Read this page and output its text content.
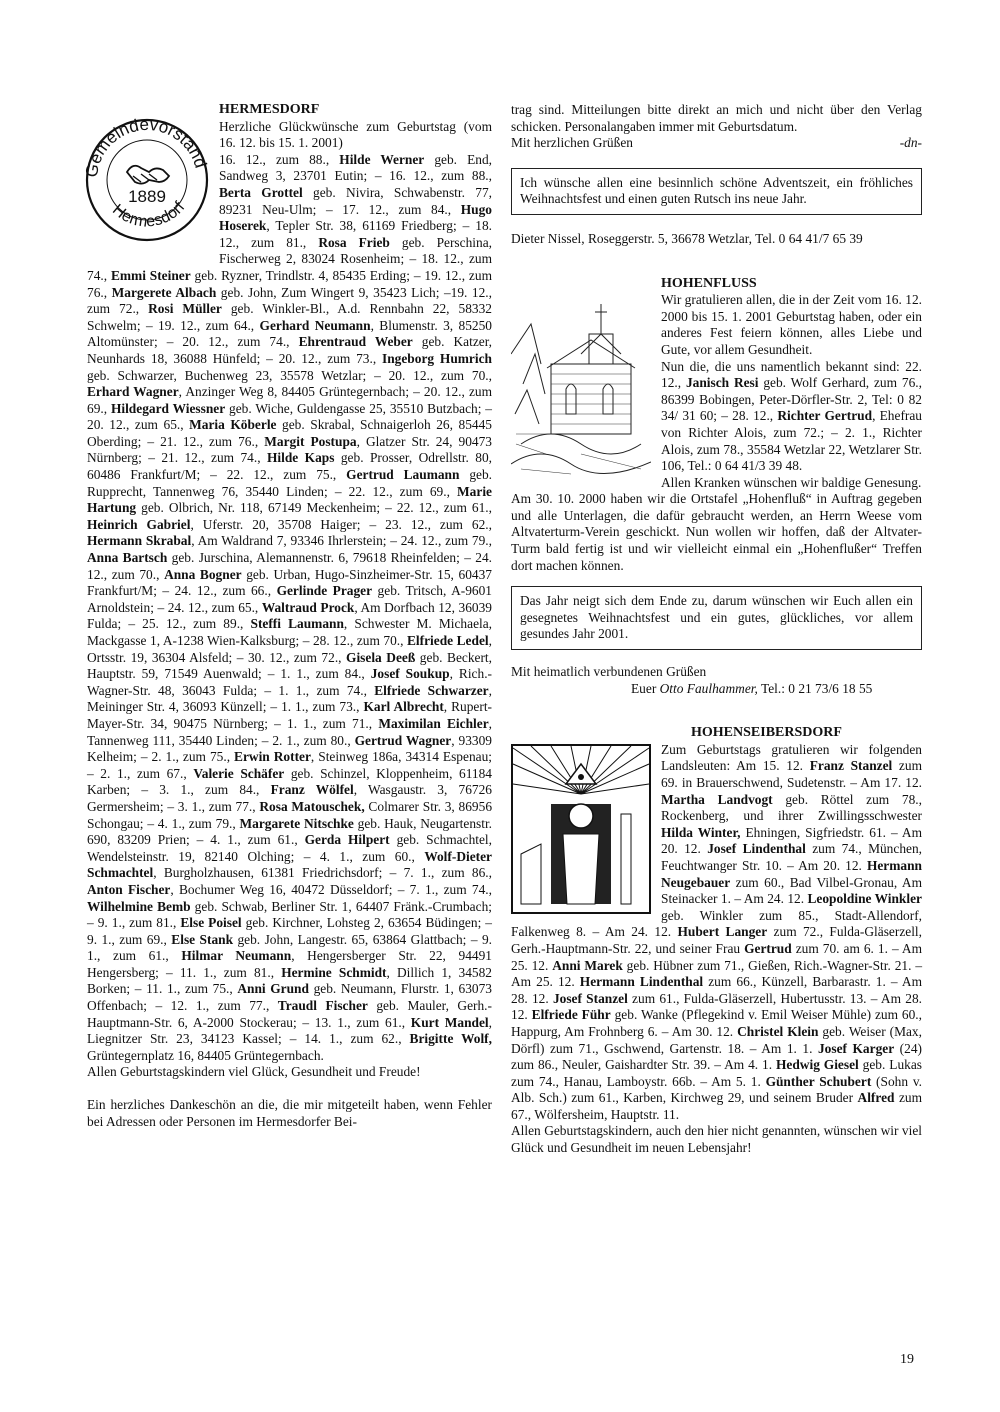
Gemeindevorstand
Hermesdorf
1889
HERMESDORF
Herzliche Glückwünsche zum Geburtstag (vom 16. 12. bis 15. 1. 2001)
16. 12., zum 88., Hilde Werner geb. End, Sandweg 3, 23701 Eutin; – 16. 12., zum 88., Berta Grottel geb. Nivira, Schwabenstr. 77, 89231 Neu-Ulm; – 17. 12., zum 84., Hugo Hoserek, Tepler Str. 38, 61169 Friedberg; – 18. 12., zum 81., Rosa Frieb geb. Perschina, Fischerweg 2, 83024 Rosenheim; – 18. 12., zum 74., Emmi Steiner geb. Ryzner, Trindlstr. 4, 85435 Erding; – 19. 12., zum 76., Margerete Albach geb. John, Zum Wingert 9, 35423 Lich; –19. 12., zum 72., Rosi Müller geb. Winkler-Bl., A.d. Rennbahn 22, 58332 Schwelm; – 19. 12., zum 64., Gerhard Neumann, Blumenstr. 3, 85250 Altomünster; – 20. 12., zum 74., Ehrentraud Weber geb. Katzer, Neunhards 18, 36088 Hünfeld; – 20. 12., zum 73., Ingeborg Humrich geb. Schwarzer, Buchenweg 23, 35578 Wetzlar; – 20. 12., zum 70., Erhard Wagner, Anzinger Weg 8, 84405 Grüntegernbach; – 20. 12., zum 69., Hildegard Wiessner geb. Wiche, Guldengasse 25, 35510 Butzbach; –20. 12., zum 65., Maria Köberle geb. Skrabal, Schnaigerloh 26, 85445 Oberding; – 21. 12., zum 76., Margit Postupa, Glatzer Str. 24, 90473 Nürnberg; – 21. 12., zum 74., Hilde Kaps geb. Prosser, Odrellstr. 80, 60486 Frankfurt/M; – 22. 12., zum 75., Gertrud Laumann geb. Rupprecht, Tannenweg 76, 35440 Linden; – 22. 12., zum 69., Marie Hartung geb. Olbrich, Nr. 118, 67149 Meckenheim; – 22. 12., zum 61., Heinrich Gabriel, Uferstr. 20, 35708 Haiger; – 23. 12., zum 62., Hermann Skrabal, Am Waldrand 7, 93346 Ihrlerstein; – 24. 12., zum 79., Anna Bartsch geb. Jurschina, Alemannenstr. 6, 79618 Rheinfelden; – 24. 12., zum 70., Anna Bogner geb. Urban, Hugo-Sinzheimer-Str. 15, 60437 Frankfurt/M; – 24. 12., zum 66., Gerlinde Prager geb. Tritsch, A-9601 Arnoldstein; – 24. 12., zum 65., Waltraud Prock, Am Dorfbach 12, 36039 Fulda; – 25. 12., zum 89., Steffi Laumann, Schwester M. Michaela, Mackgasse 1, A-1238 Wien-Kalksburg; – 28. 12., zum 70., Elfriede Ledel, Ortsstr. 19, 36304 Alsfeld; – 30. 12., zum 72., Gisela Deeß geb. Beckert, Hauptstr. 59, 71549 Auenwald; – 1. 1., zum 84., Josef Soukup, Rich.-Wagner-Str. 48, 36043 Fulda; – 1. 1., zum 74., Elfriede Schwarzer, Meininger Str. 4, 36093 Künzell; – 1. 1., zum 73., Karl Albrecht, Rupert-Mayer-Str. 34, 90475 Nürnberg; – 1. 1., zum 71., Maximilan Eichler, Tannenweg 111, 35440 Linden; – 2. 1., zum 80., Gertrud Wagner, 93309 Kelheim; – 2. 1., zum 75., Erwin Rotter, Steinweg 186a, 34314 Espenau; – 2. 1., zum 67., Valerie Schäfer geb. Schinzel, Kloppenheim, 61184 Karben; – 3. 1., zum 84., Franz Wölfel, Wasgaustr. 3, 76726 Germersheim; – 3. 1., zum 77., Rosa Matouschek, Colmarer Str. 3, 86956 Schongau; – 4. 1., zum 79., Margarete Nitschke geb. Hauk, Neugartenstr. 690, 83209 Prien; – 4. 1., zum 61., Gerda Hilpert geb. Schmachtel, Wendelsteinstr. 19, 82140 Olching; – 4. 1., zum 60., Wolf-Dieter Schmachtel, Burgholzhausen, 61381 Friedrichsdorf; – 7. 1., zum 86., Anton Fischer, Bochumer Weg 16, 40472 Düsseldorf; – 7. 1., zum 74., Wilhelmine Bemb geb. Schwab, Berliner Str. 1, 64407 Fränk.-Crumbach; – 9. 1., zum 81., Else Poisel geb. Kirchner, Lohsteg 2, 63654 Büdingen; – 9. 1., zum 69., Else Stank geb. John, Langestr. 65, 63864 Glattbach; – 9. 1., zum 61., Hilmar Neumann, Hengersberger Str. 22, 94491 Hengersberg; – 11. 1., zum 81., Hermine Schmidt, Dillich 1, 34582 Borken; – 11. 1., zum 75., Anni Grund geb. Neumann, Flurstr. 1, 63073 Offenbach; – 12. 1., zum 77., Traudl Fischer geb. Mauler, Gerh.-Hauptmann-Str. 6, A-2000 Stockerau; – 13. 1., zum 61., Kurt Mandel, Liegnitzer Str. 23, 34123 Kassel; – 14. 1., zum 62., Brigitte Wolf, Grüntegernplatz 16, 84405 Grüntegernbach.

Allen Geburtstagskindern viel Glück, Gesundheit und Freude!

Ein herzliches Dankeschön an die, die mir mitgeteilt haben, wenn Fehler bei Adressen oder Personen im Hermesdorfer Bei-

trag sind. Mitteilungen bitte direkt an mich und nicht über den Verlag schicken. Personalangaben immer mit Geburtsdatum.

Mit herzlichen Grüßen	-dn-

Ich wünsche allen eine besinnlich schöne Adventszeit, ein fröhliches Weihnachtsfest und einen guten Rutsch ins neue Jahr.

Dieter Nissel, Roseggerstr. 5, 36678 Wetzlar, Tel. 0 64 41/7 65 39

HOHENFLUSS

Wir gratulieren allen, die in der Zeit vom 16. 12. 2000 bis 15. 1. 2001 Geburtstag haben, oder ein anderes Fest feiern können, alles Liebe und Gute, vor allem Gesundheit.

Nun die, die uns namentlich bekannt sind: 22. 12., Janisch Resi geb. Wolf Gerhard, zum 76., 86399 Bobingen, Peter-Dörfler-Str. 2, Tel: 0 82 34/ 31 60; – 28. 12., Richter Gertrud, Ehefrau von Richter Alois, zum 72.; – 2. 1., Richter Alois, zum 78., 35584 Wetzlar 22, Wetzlarer Str. 106, Tel.: 0 64 41/3 39 48.

Allen Kranken wünschen wir baldige Genesung.

Am 30. 10. 2000 haben wir die Ortstafel „Hohenfluß“ in Auftrag gegeben und alle Unterlagen, die dafür gebraucht werden, an Herrn Weese vom Altvaterturm-Verein geschickt. Nun wollen wir hoffen, daß der Altvater-Turm bald fertig ist und wir vielleicht einmal ein „Hohenflußer“ Treffen dort machen können.

Das Jahr neigt sich dem Ende zu, darum wünschen wir Euch allen ein gesegnetes Weihnachtsfest und ein gutes, glückliches, vor allem gesundes Jahr 2001.

Mit heimatlich verbundenen Grüßen

Euer Otto Faulhammer, Tel.: 0 21 73/6 18 55

HOHENSEIBERSDORF

Zum Geburtstags gratulieren wir folgenden Landsleuten: Am 15. 12. Franz Stanzel zum 69. in Brauerschwend, Sudetenstr. – Am 17. 12. Martha Landvogt geb. Röttel zum 78., Rockenberg, und ihrer Zwillingsschwester Hilda Winter, Ehningen, Sigfriedstr. 61. – Am 20. 12. Josef Lindenthal zum 74., München, Feuchtwanger Str. 10. – Am 20. 12. Hermann Neugebauer zum 60., Bad Vilbel-Gronau, Am Steinacker 1. – Am 24. 12. Leopoldine Winkler geb. Winkler zum 85., Stadt-Allendorf, Falkenweg 8. – Am 24. 12. Hubert Langer zum 72., Fulda-Gläserzell, Gerh.-Hauptmann-Str. 22, und seiner Frau Gertrud zum 70. am 6. 1. – Am 25. 12. Anni Marek geb. Hübner zum 71., Gießen, Rich.-Wagner-Str. 21. – Am 25. 12. Hermann Lindenthal zum 66., Künzell, Barbarastr. 1. – Am 28. 12. Josef Stanzel zum 61., Fulda-Gläserzell, Hubertusstr. 13. – Am 28. 12. Elfriede Führ geb. Wanke (Pflegekind v. Emil Weiser Mühle) zum 60., Happurg, Am Frohnberg 6. – Am 30. 12. Christel Klein geb. Weiser (Max, Dörfl) zum 71., Gschwend, Gartenstr. 18. – Am 1. 1. Josef Karger (24) zum 86., Neuler, Gaishardter Str. 39. – Am 4. 1. Hedwig Giesel geb. Lukas zum 74., Hanau, Lamboystr. 66b. – Am 5. 1. Günther Schubert (Sohn v. Alb. Sch.) zum 61., Karben, Kirchweg 29, und seinem Bruder Alfred zum 67., Wölfersheim, Hauptstr. 11.

Allen Geburtstagskindern, auch den hier nicht genannten, wünschen wir viel Glück und Gesundheit im neuen Lebensjahr!

19
